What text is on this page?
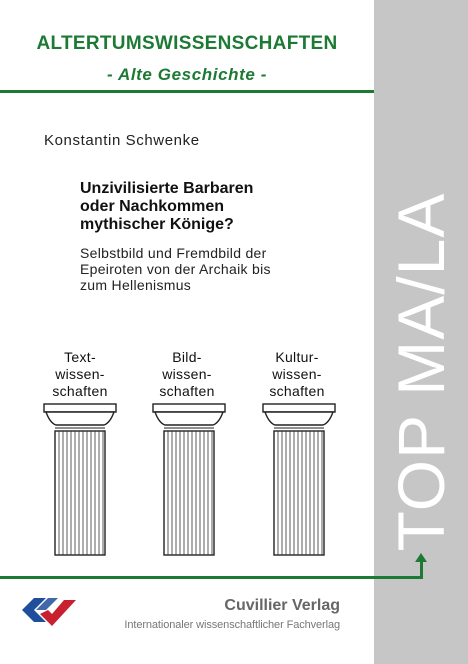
TOP MA/LA
ALTERTUMSWISSENSCHAFTEN
- Alte Geschichte -
Konstantin Schwenke
Unzivilisierte Barbaren
oder Nachkommen
mythischer Könige?
Selbstbild und Fremdbild der
Epeiroten von der Archaik bis
zum Hellenismus
Text-
wissen-
schaften
Bild-
wissen-
schaften
Kultur-
wissen-
schaften
Cuvillier Verlag
Internationaler wissenschaftlicher Fachverlag
